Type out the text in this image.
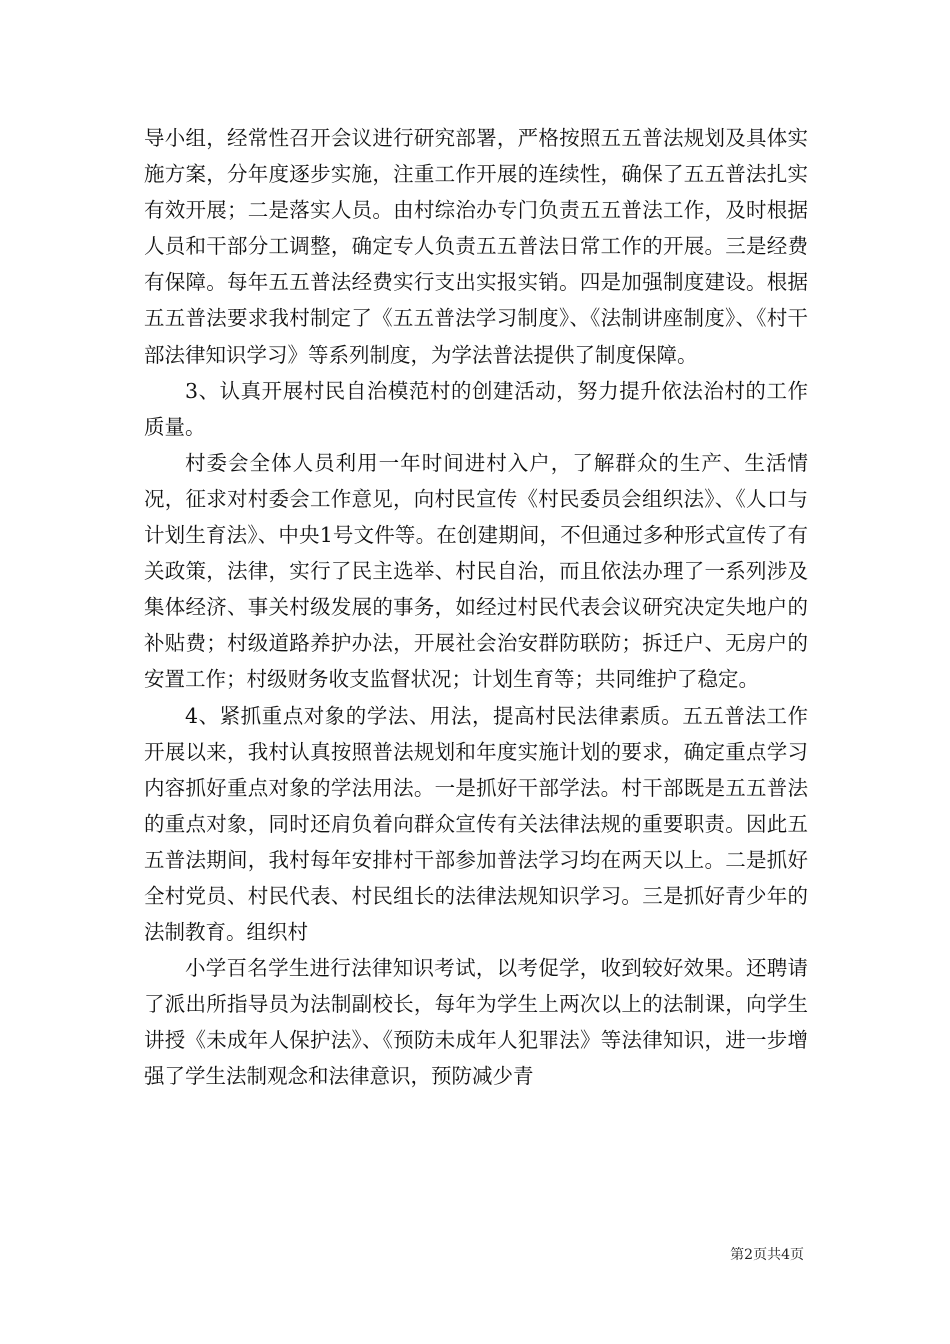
导小组，经常性召开会议进行研究部署，严格按照五五普法规划及具体实施方案，分年度逐步实施，注重工作开展的连续性，确保了五五普法扎实有效开展；二是落实人员。由村综治办专门负责五五普法工作，及时根据人员和干部分工调整，确定专人负责五五普法日常工作的开展。三是经费有保障。每年五五普法经费实行支出实报实销。四是加强制度建设。根据五五普法要求我村制定了《五五普法学习制度》、《法制讲座制度》、《村干部法律知识学习》等系列制度，为学法普法提供了制度保障。

3、认真开展村民自治模范村的创建活动，努力提升依法治村的工作质量。

村委会全体人员利用一年时间进村入户，了解群众的生产、生活情况，征求对村委会工作意见，向村民宣传《村民委员会组织法》、《人口与计划生育法》、中央1号文件等。在创建期间，不但通过多种形式宣传了有关政策，法律，实行了民主选举、村民自治，而且依法办理了一系列涉及集体经济、事关村级发展的事务，如经过村民代表会议研究决定失地户的补贴费；村级道路养护办法，开展社会治安群防联防；拆迁户、无房户的安置工作；村级财务收支监督状况；计划生育等；共同维护了稳定。

4、紧抓重点对象的学法、用法，提高村民法律素质。五五普法工作开展以来，我村认真按照普法规划和年度实施计划的要求，确定重点学习内容抓好重点对象的学法用法。一是抓好干部学法。村干部既是五五普法的重点对象，同时还肩负着向群众宣传有关法律法规的重要职责。因此五五普法期间，我村每年安排村干部参加普法学习均在两天以上。二是抓好全村党员、村民代表、村民组长的法律法规知识学习。三是抓好青少年的法制教育。组织村

小学百名学生进行法律知识考试，以考促学，收到较好效果。还聘请了派出所指导员为法制副校长，每年为学生上两次以上的法制课，向学生讲授《未成年人保护法》、《预防未成年人犯罪法》等法律知识，进一步增强了学生法制观念和法律意识，预防减少青

第2页共4页
